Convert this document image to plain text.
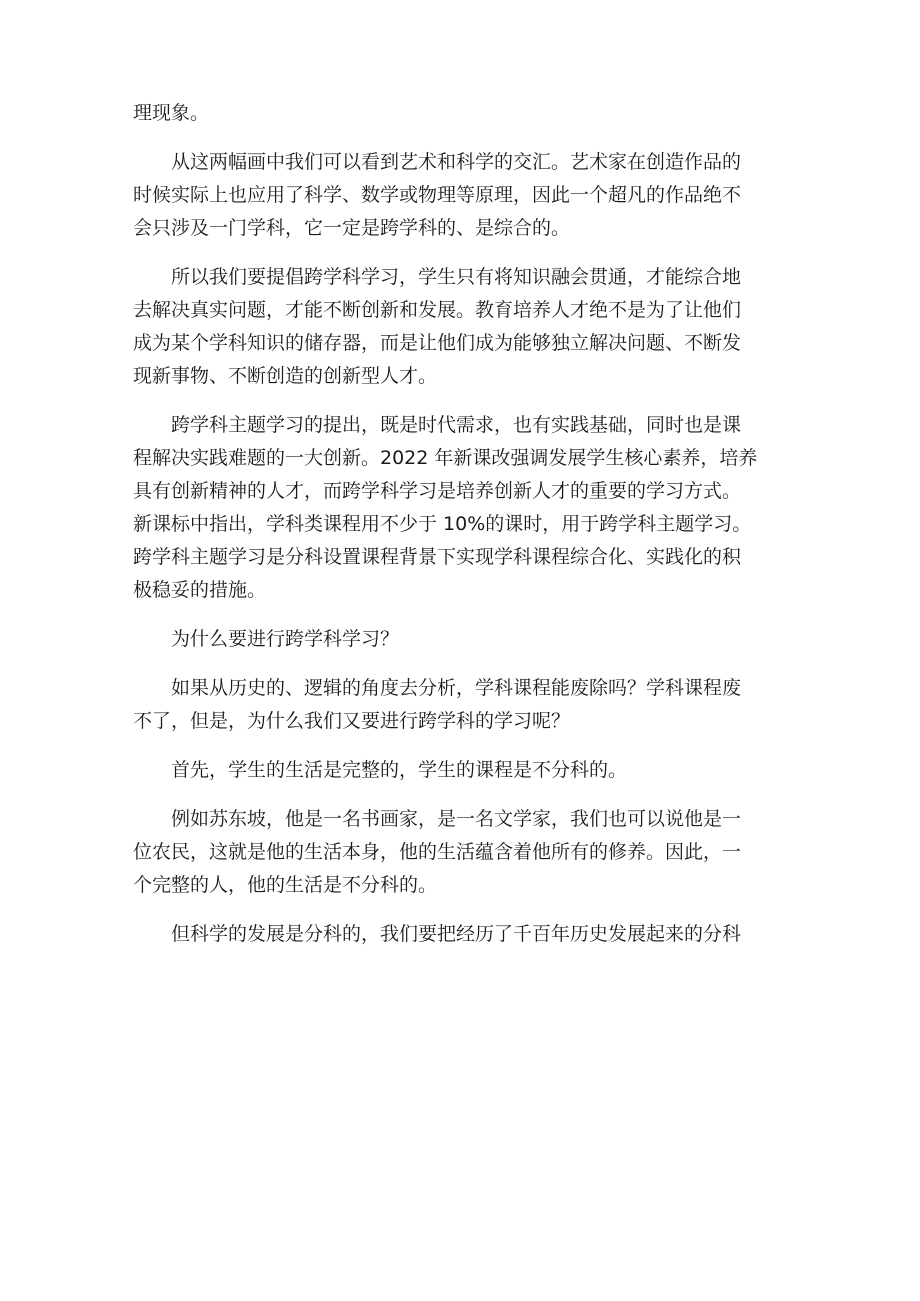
理现象。
从这两幅画中我们可以看到艺术和科学的交汇。艺术家在创造作品的
时候实际上也应用了科学、数学或物理等原理，因此一个超凡的作品绝不
会只涉及一门学科，它一定是跨学科的、是综合的。
所以我们要提倡跨学科学习，学生只有将知识融会贯通，才能综合地
去解决真实问题，才能不断创新和发展。教育培养人才绝不是为了让他们
成为某个学科知识的储存器，而是让他们成为能够独立解决问题、不断发
现新事物、不断创造的创新型人才。
跨学科主题学习的提出，既是时代需求，也有实践基础，同时也是课
程解决实践难题的一大创新。2022 年新课改强调发展学生核心素养，培养
具有创新精神的人才，而跨学科学习是培养创新人才的重要的学习方式。
新课标中指出，学科类课程用不少于 10%的课时，用于跨学科主题学习。
跨学科主题学习是分科设置课程背景下实现学科课程综合化、实践化的积
极稳妥的措施。
为什么要进行跨学科学习？
如果从历史的、逻辑的角度去分析，学科课程能废除吗？学科课程废
不了，但是，为什么我们又要进行跨学科的学习呢？
首先，学生的生活是完整的，学生的课程是不分科的。
例如苏东坡，他是一名书画家，是一名文学家，我们也可以说他是一
位农民，这就是他的生活本身，他的生活蕴含着他所有的修养。因此，一
个完整的人，他的生活是不分科的。
但科学的发展是分科的，我们要把经历了千百年历史发展起来的分科
